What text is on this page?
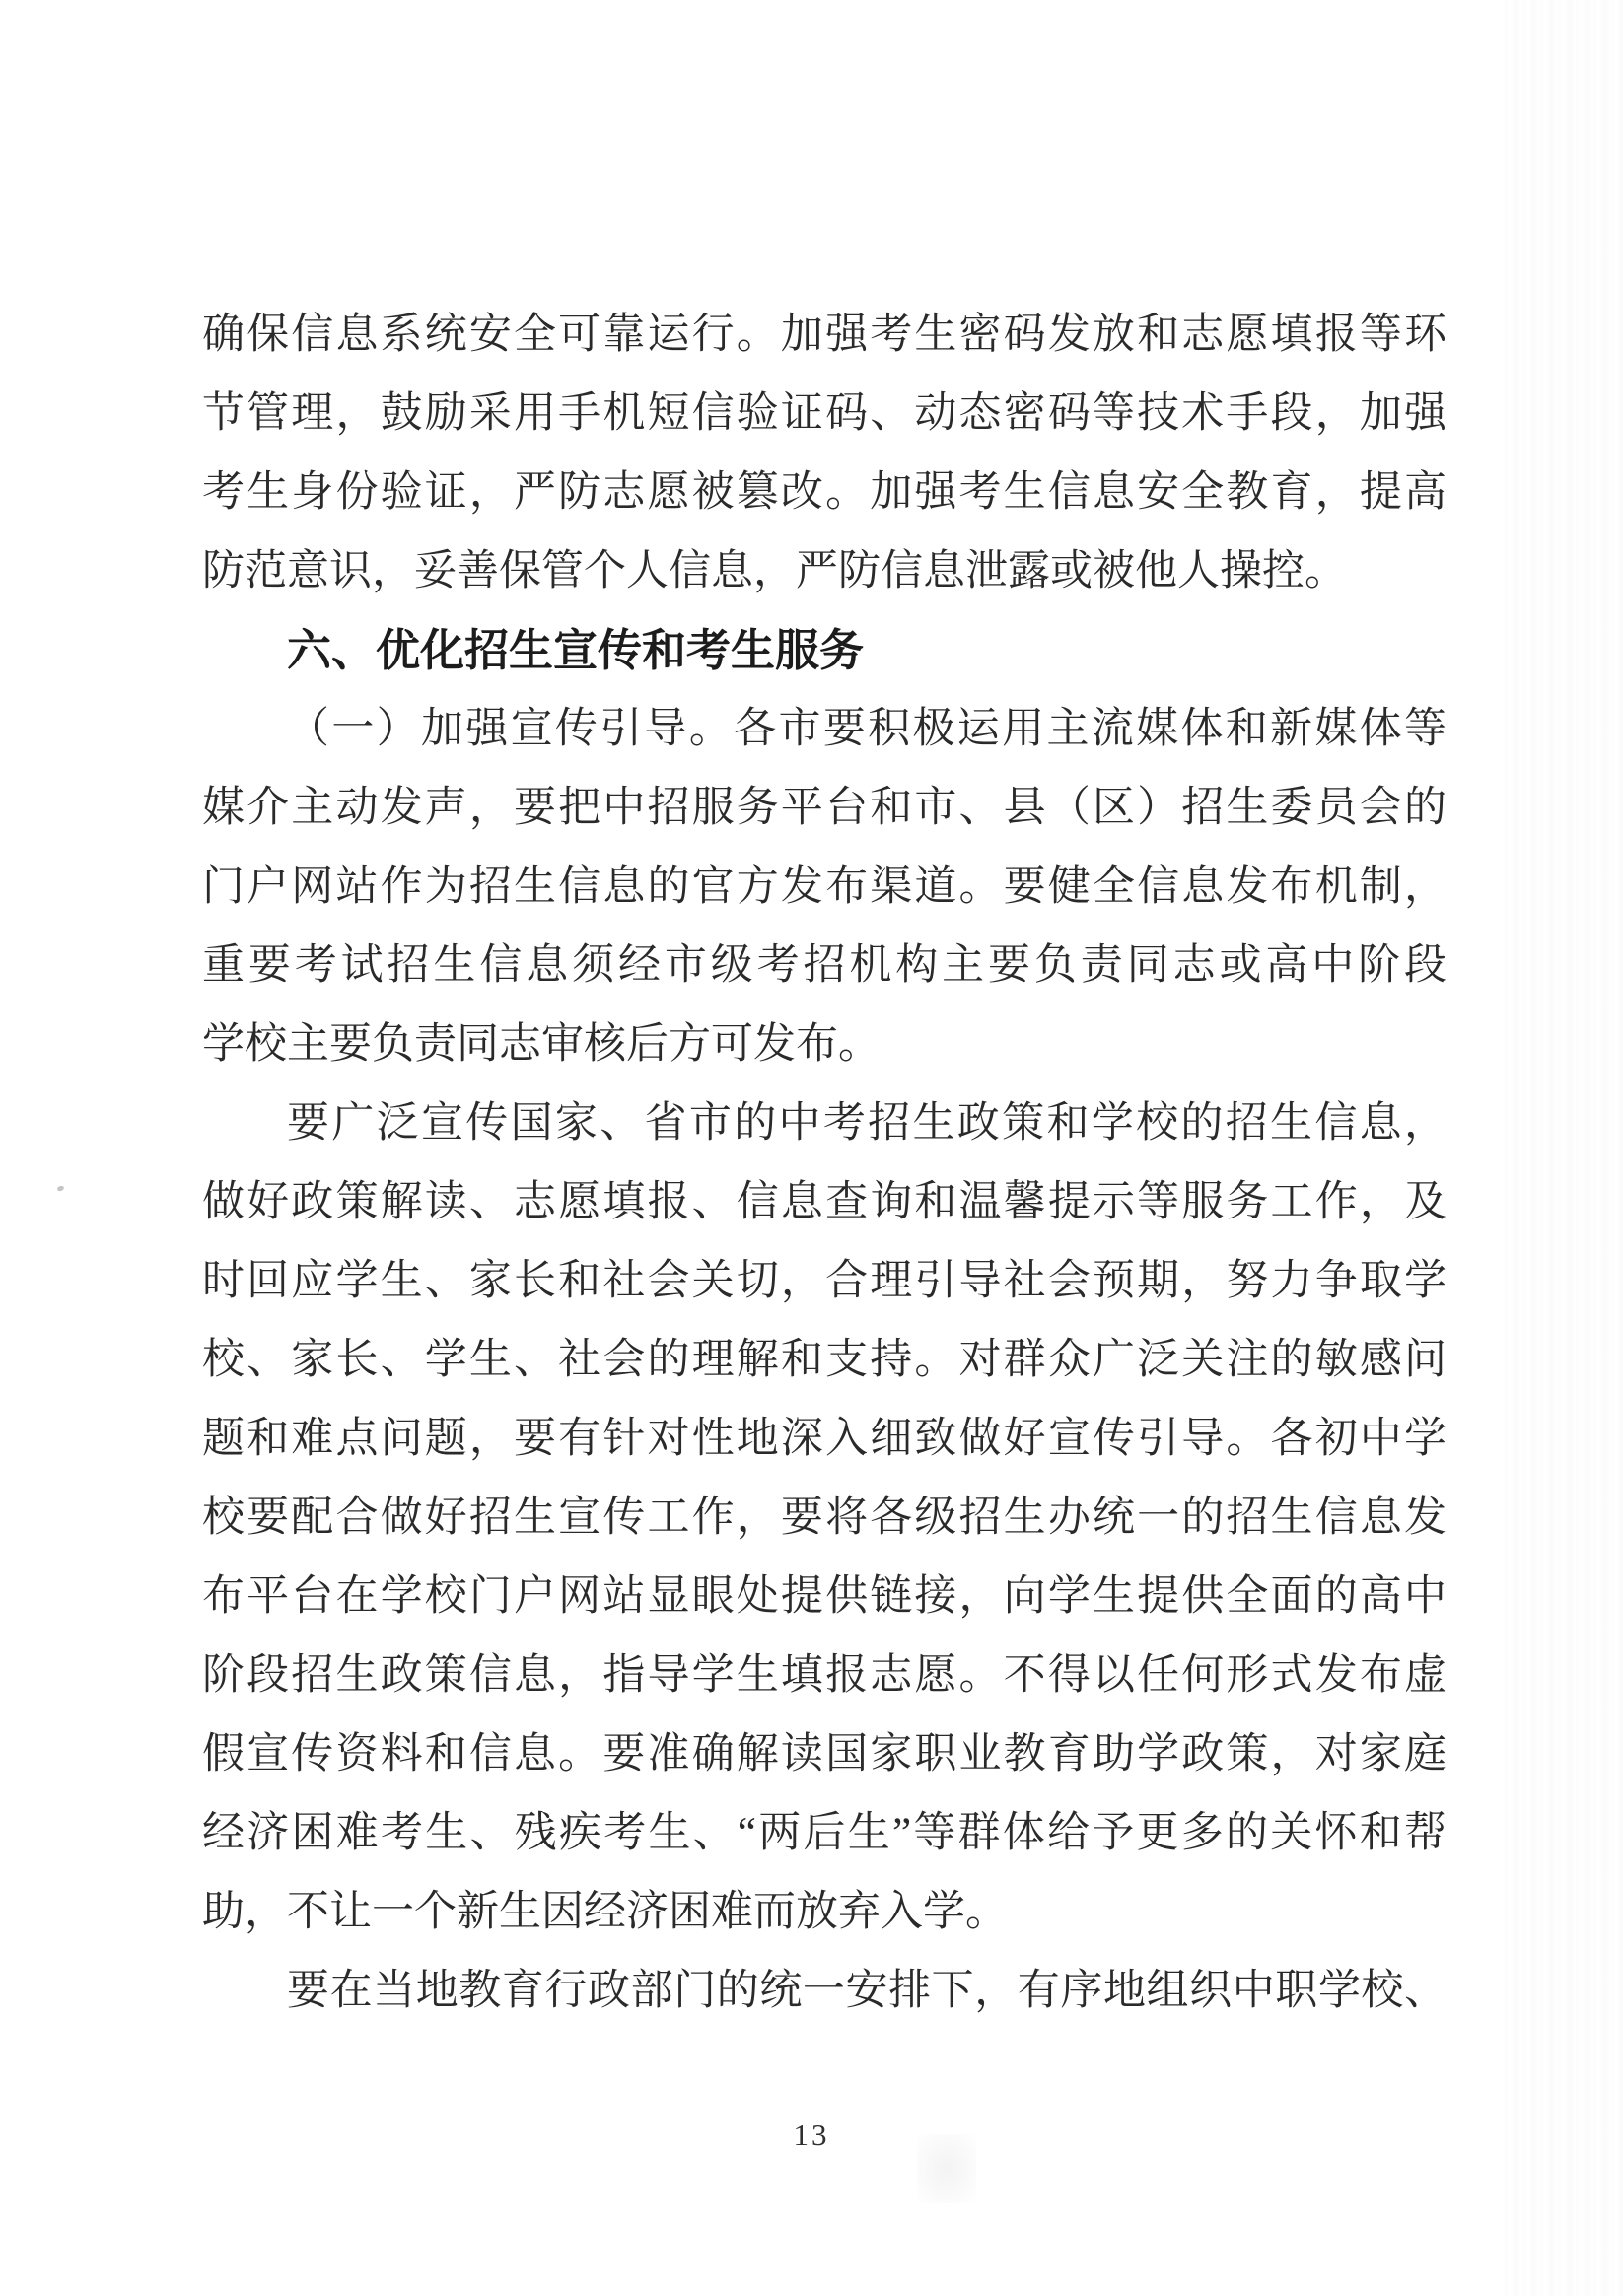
确保信息系统安全可靠运行。加强考生密码发放和志愿填报等环
节管理，鼓励采用手机短信验证码、动态密码等技术手段，加强
考生身份验证，严防志愿被篡改。加强考生信息安全教育，提高
防范意识，妥善保管个人信息，严防信息泄露或被他人操控。
六、优化招生宣传和考生服务
（一）加强宣传引导。各市要积极运用主流媒体和新媒体等
媒介主动发声，要把中招服务平台和市、县（区）招生委员会的
门户网站作为招生信息的官方发布渠道。要健全信息发布机制，
重要考试招生信息须经市级考招机构主要负责同志或高中阶段
学校主要负责同志审核后方可发布。
要广泛宣传国家、省市的中考招生政策和学校的招生信息，
做好政策解读、志愿填报、信息查询和温馨提示等服务工作，及
时回应学生、家长和社会关切，合理引导社会预期，努力争取学
校、家长、学生、社会的理解和支持。对群众广泛关注的敏感问
题和难点问题，要有针对性地深入细致做好宣传引导。各初中学
校要配合做好招生宣传工作，要将各级招生办统一的招生信息发
布平台在学校门户网站显眼处提供链接，向学生提供全面的高中
阶段招生政策信息，指导学生填报志愿。不得以任何形式发布虚
假宣传资料和信息。要准确解读国家职业教育助学政策，对家庭
经济困难考生、残疾考生、“两后生”等群体给予更多的关怀和帮
助，不让一个新生因经济困难而放弃入学。
要在当地教育行政部门的统一安排下，有序地组织中职学校、
13
